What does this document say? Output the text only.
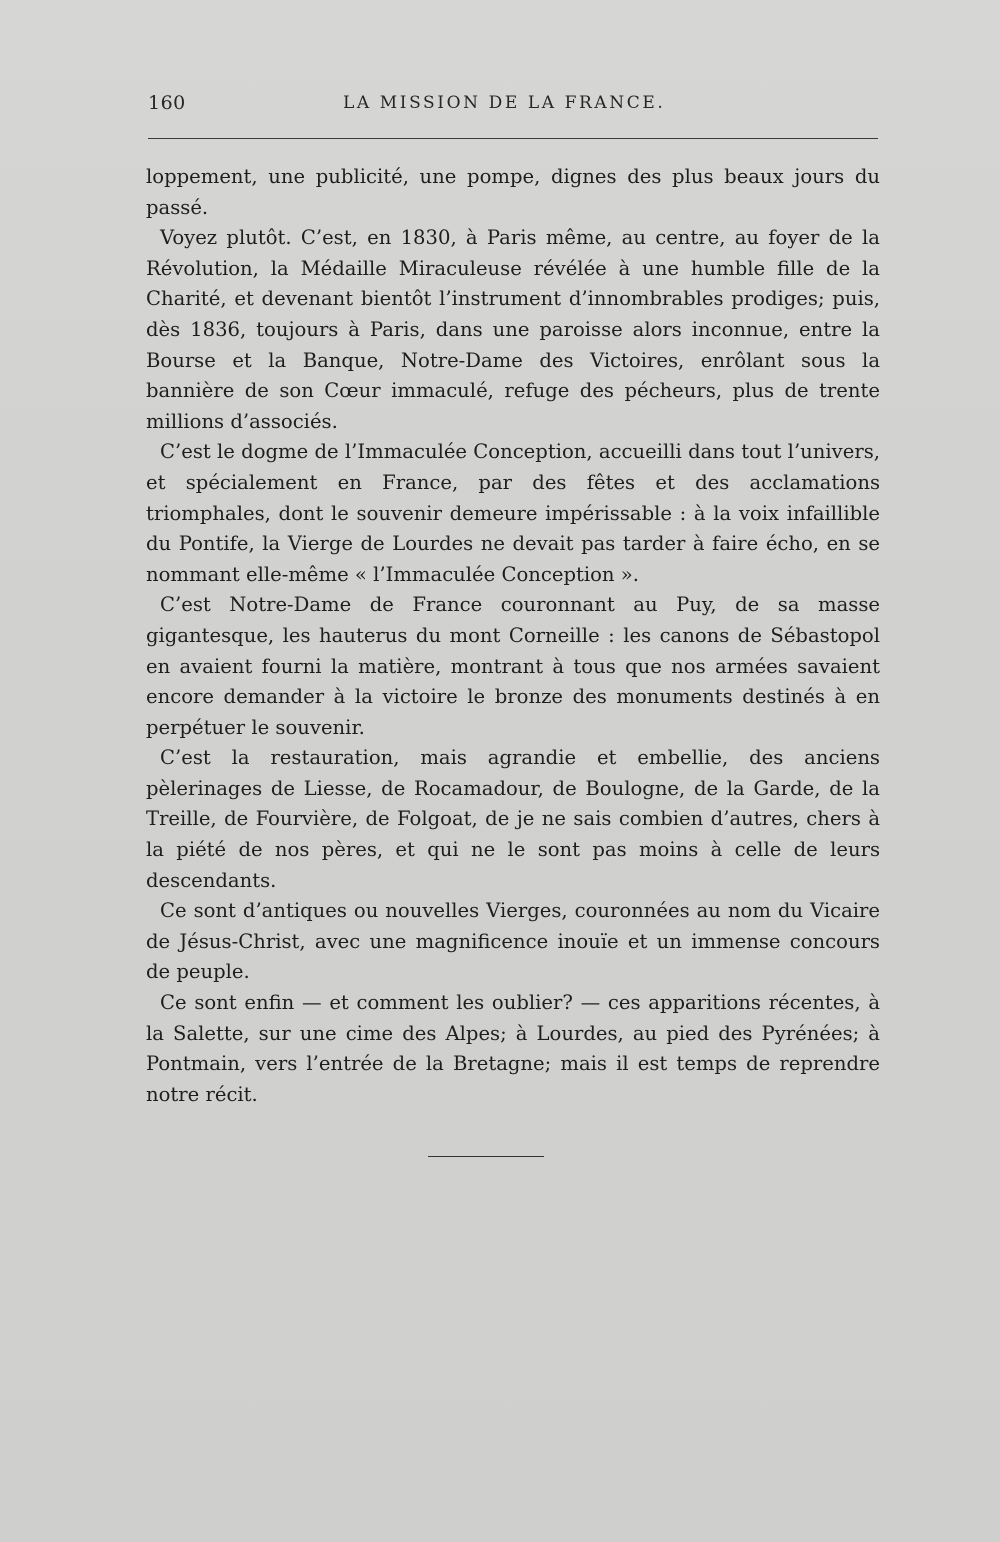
160	LA MISSION DE LA FRANCE.

loppement, une publicité, une pompe, dignes des plus beaux jours du passé.

Voyez plutôt. C’est, en 1830, à Paris même, au centre, au foyer de la Révolution, la Médaille Miraculeuse révélée à une humble fille de la Charité, et devenant bientôt l’instrument d’innombrables prodiges; puis, dès 1836, toujours à Paris, dans une paroisse alors inconnue, entre la Bourse et la Banque, Notre-Dame des Victoires, enrôlant sous la bannière de son Cœur immaculé, refuge des pécheurs, plus de trente millions d’associés.

C’est le dogme de l’Immaculée Conception, accueilli dans tout l’univers, et spécialement en France, par des fêtes et des acclamations triomphales, dont le souvenir demeure impérissable : à la voix infaillible du Pontife, la Vierge de Lourdes ne devait pas tarder à faire écho, en se nommant elle-même « l’Immaculée Conception ».

C’est Notre-Dame de France couronnant au Puy, de sa masse gigantesque, les hauterus du mont Corneille : les canons de Sébastopol en avaient fourni la matière, montrant à tous que nos armées savaient encore demander à la victoire le bronze des monuments destinés à en perpétuer le souvenir.

C’est la restauration, mais agrandie et embellie, des anciens pèlerinages de Liesse, de Rocamadour, de Boulogne, de la Garde, de la Treille, de Fourvière, de Folgoat, de je ne sais combien d’autres, chers à la piété de nos pères, et qui ne le sont pas moins à celle de leurs descendants.

Ce sont d’antiques ou nouvelles Vierges, couronnées au nom du Vicaire de Jésus-Christ, avec une magnificence inouïe et un immense concours de peuple.

Ce sont enfin — et comment les oublier? — ces apparitions récentes, à la Salette, sur une cime des Alpes; à Lourdes, au pied des Pyrénées; à Pontmain, vers l’entrée de la Bretagne; mais il est temps de reprendre notre récit.
